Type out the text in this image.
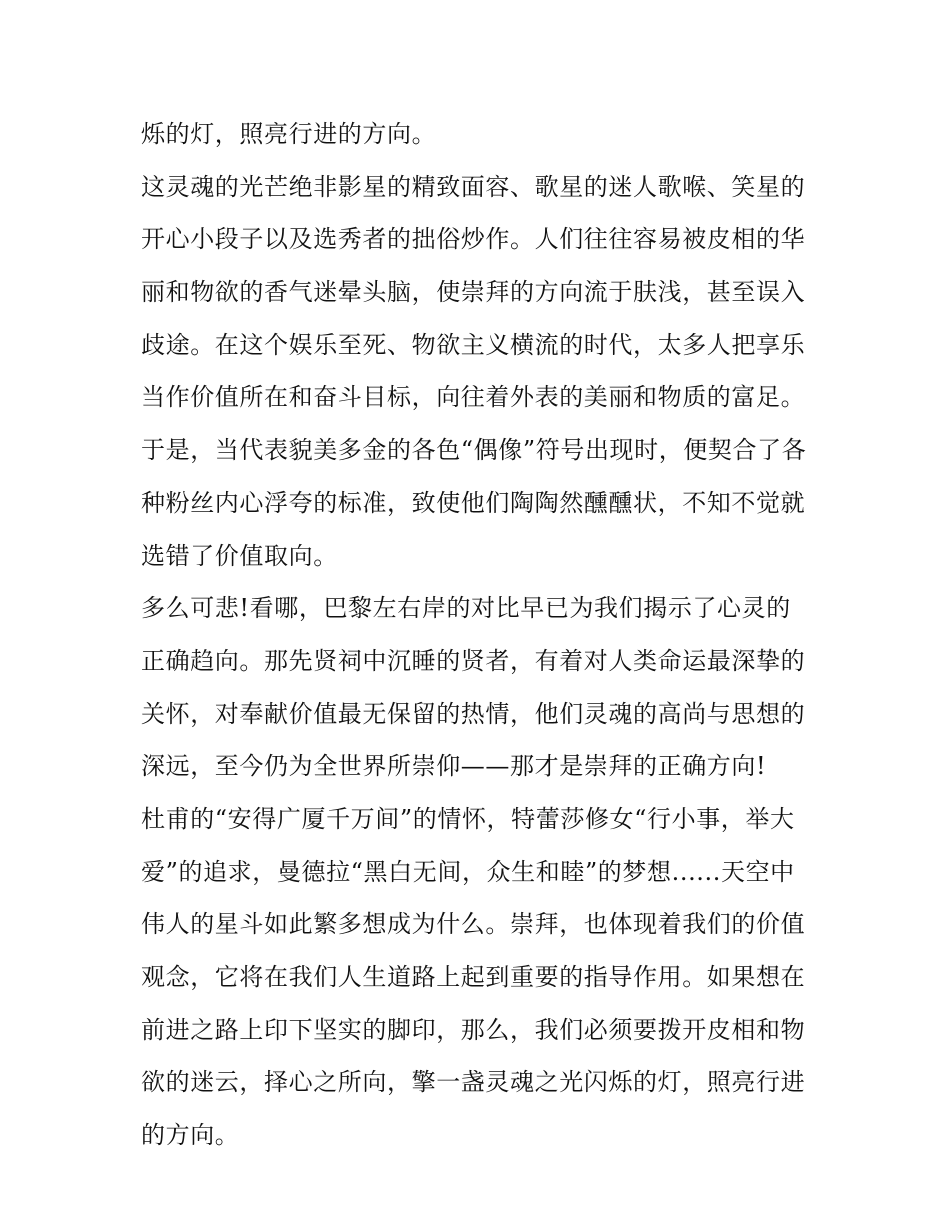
烁的灯，照亮行进的方向。
这灵魂的光芒绝非影星的精致面容、歌星的迷人歌喉、笑星的
开心小段子以及选秀者的拙俗炒作。人们往往容易被皮相的华
丽和物欲的香气迷晕头脑，使崇拜的方向流于肤浅，甚至误入
歧途。在这个娱乐至死、物欲主义横流的时代，太多人把享乐
当作价值所在和奋斗目标，向往着外表的美丽和物质的富足。
于是，当代表貌美多金的各色“偶像”符号出现时，便契合了各
种粉丝内心浮夸的标准，致使他们陶陶然醺醺状，不知不觉就
选错了价值取向。
多么可悲!看哪，巴黎左右岸的对比早已为我们揭示了心灵的
正确趋向。那先贤祠中沉睡的贤者，有着对人类命运最深挚的
关怀，对奉献价值最无保留的热情，他们灵魂的高尚与思想的
深远，至今仍为全世界所崇仰——那才是崇拜的正确方向!
杜甫的“安得广厦千万间”的情怀，特蕾莎修女“行小事，举大
爱”的追求，曼德拉“黑白无间，众生和睦”的梦想......天空中
伟人的星斗如此繁多想成为什么。崇拜，也体现着我们的价值
观念，它将在我们人生道路上起到重要的指导作用。如果想在
前进之路上印下坚实的脚印，那么，我们必须要拨开皮相和物
欲的迷云，择心之所向，擎一盏灵魂之光闪烁的灯，照亮行进
的方向。
